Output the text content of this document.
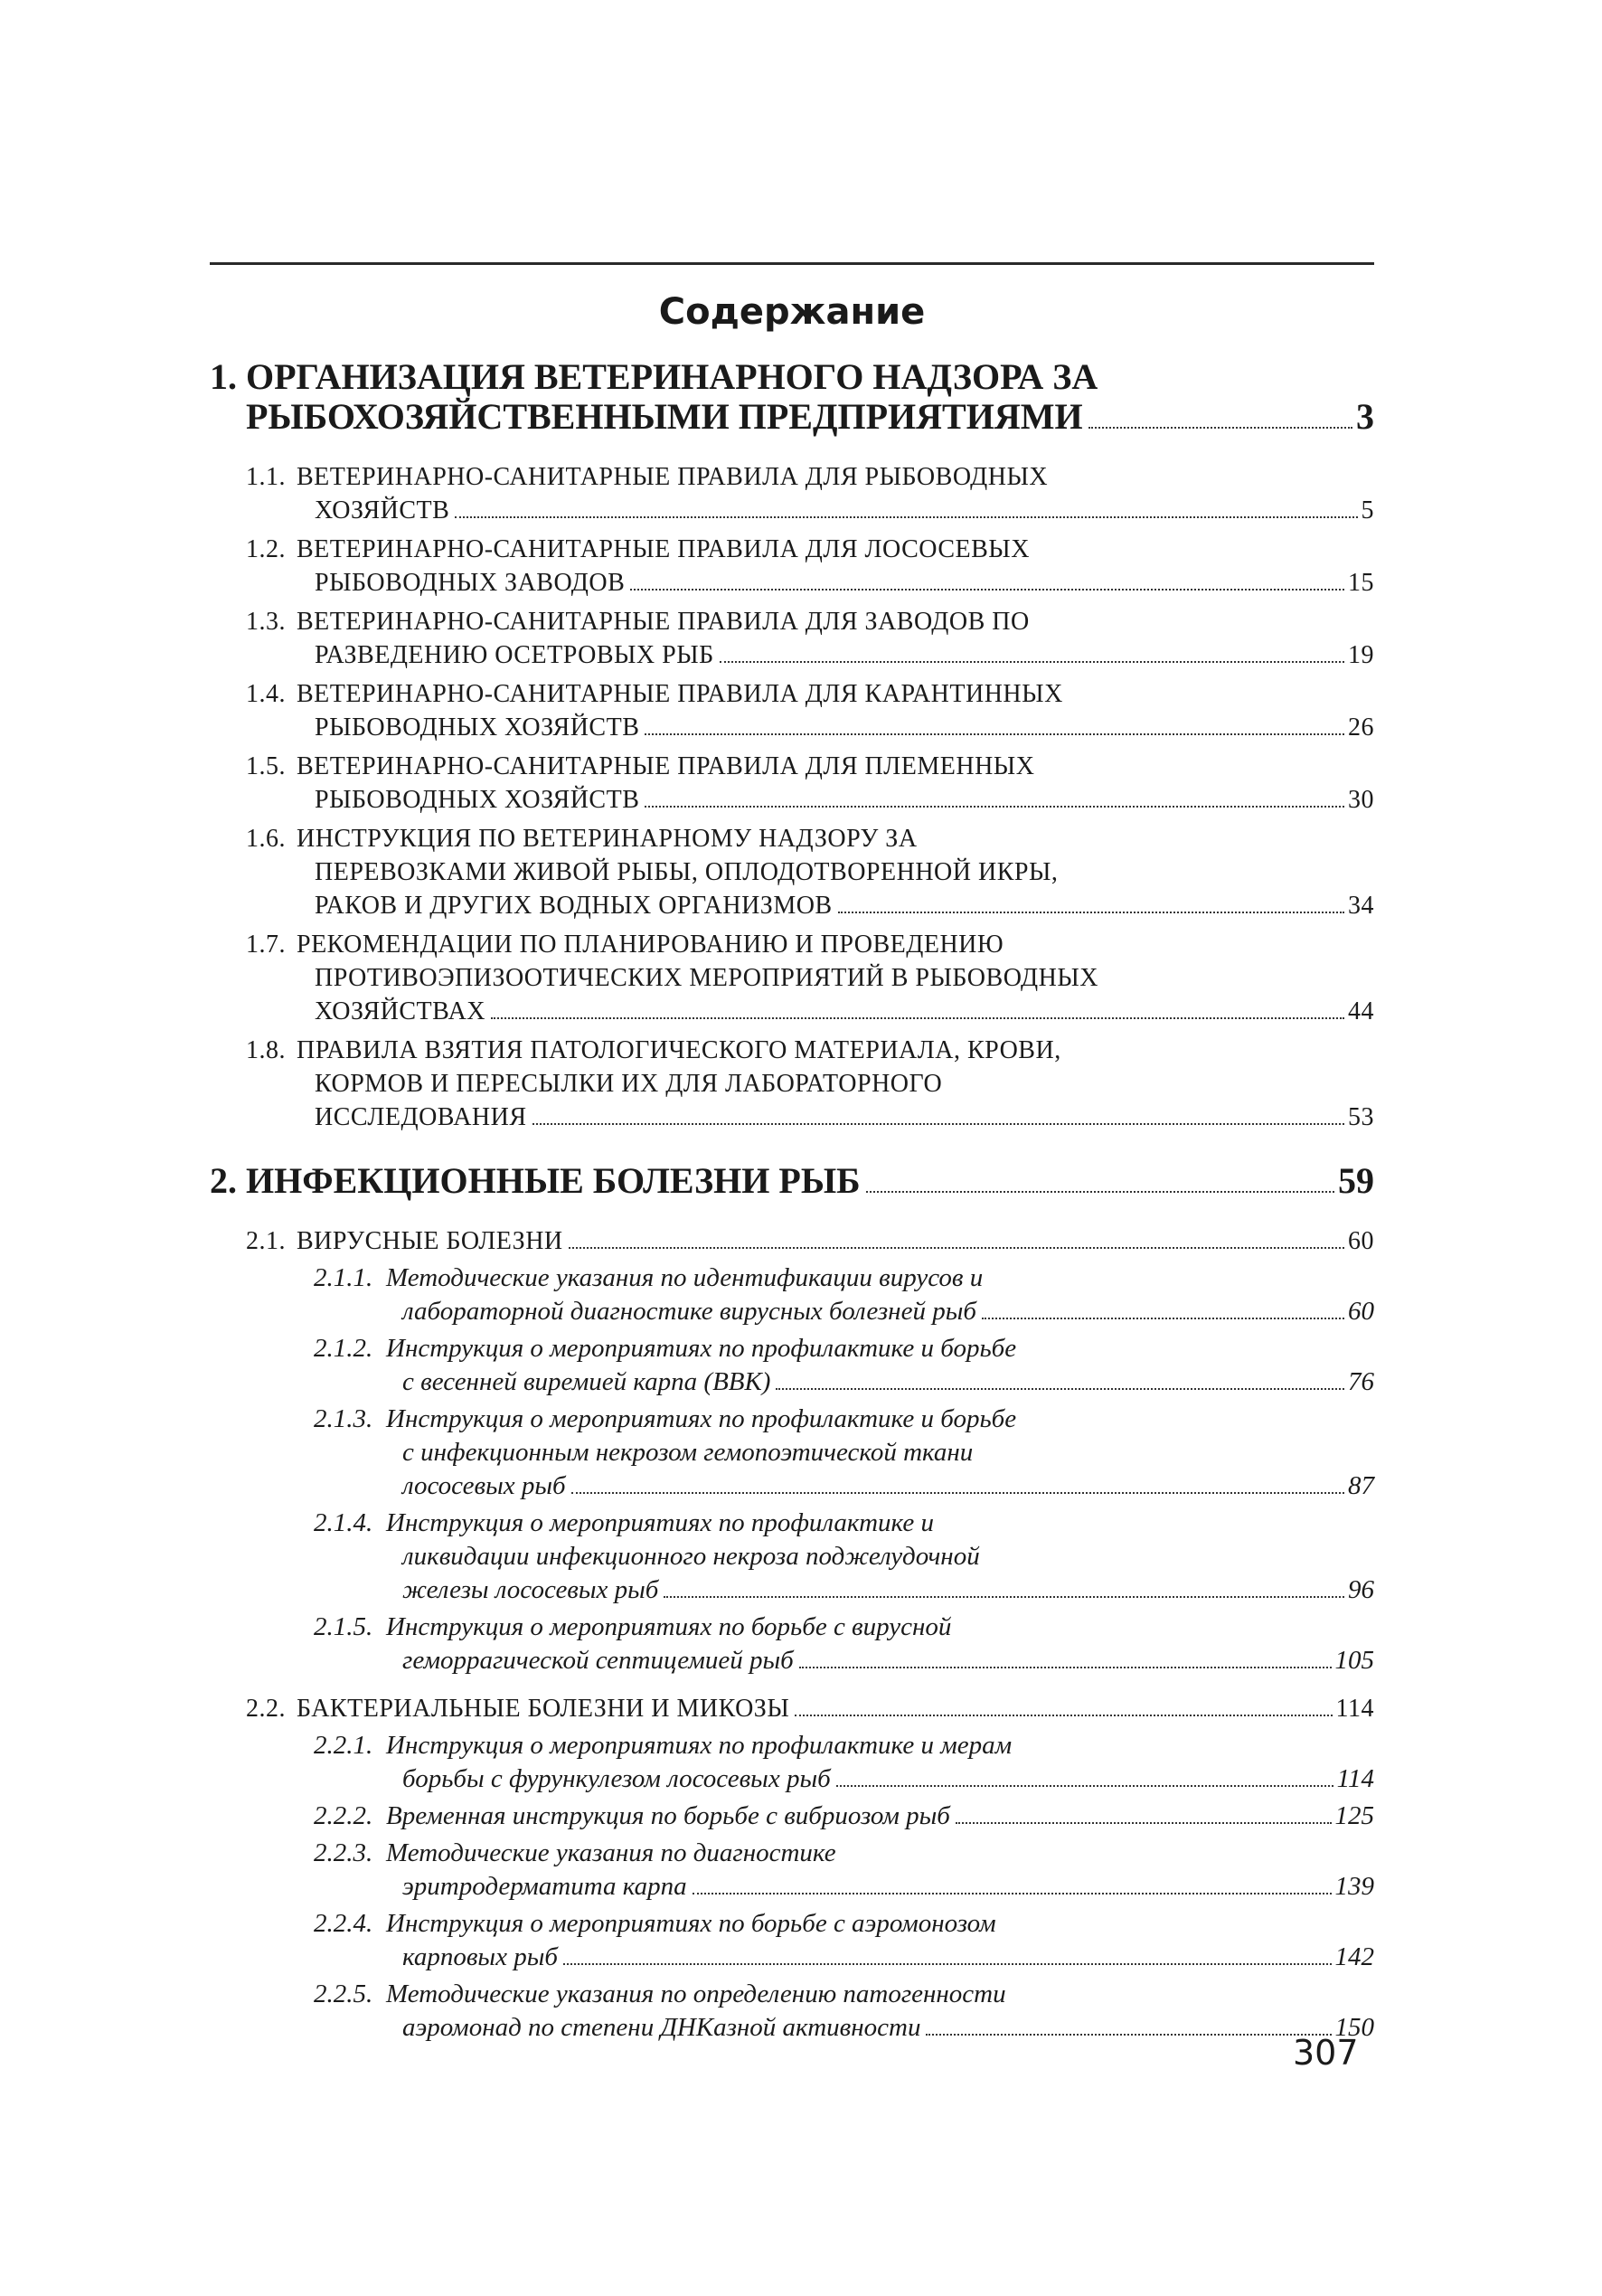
Содержание
1. ОРГАНИЗАЦИЯ ВЕТЕРИНАРНОГО НАДЗОРА ЗА
РЫБОХОЗЯЙСТВЕННЫМИ ПРЕДПРИЯТИЯМИ	3
1.1. ВЕТЕРИНАРНО-САНИТАРНЫЕ ПРАВИЛА ДЛЯ РЫБОВОДНЫХ
ХОЗЯЙСТВ	5
1.2. ВЕТЕРИНАРНО-САНИТАРНЫЕ ПРАВИЛА ДЛЯ ЛОСОСЕВЫХ
РЫБОВОДНЫХ ЗАВОДОВ	15
1.3. ВЕТЕРИНАРНО-САНИТАРНЫЕ ПРАВИЛА ДЛЯ ЗАВОДОВ ПО
РАЗВЕДЕНИЮ ОСЕТРОВЫХ РЫБ	19
1.4. ВЕТЕРИНАРНО-САНИТАРНЫЕ ПРАВИЛА ДЛЯ КАРАНТИННЫХ
РЫБОВОДНЫХ ХОЗЯЙСТВ	26
1.5. ВЕТЕРИНАРНО-САНИТАРНЫЕ ПРАВИЛА ДЛЯ ПЛЕМЕННЫХ
РЫБОВОДНЫХ ХОЗЯЙСТВ	30
1.6. ИНСТРУКЦИЯ ПО ВЕТЕРИНАРНОМУ НАДЗОРУ ЗА
ПЕРЕВОЗКАМИ ЖИВОЙ РЫБЫ, ОПЛОДОТВОРЕННОЙ ИКРЫ,
РАКОВ И ДРУГИХ ВОДНЫХ ОРГАНИЗМОВ	34
1.7. РЕКОМЕНДАЦИИ ПО ПЛАНИРОВАНИЮ И ПРОВЕДЕНИЮ
ПРОТИВОЭПИЗООТИЧЕСКИХ МЕРОПРИЯТИЙ В РЫБОВОДНЫХ
ХОЗЯЙСТВАХ	44
1.8. ПРАВИЛА ВЗЯТИЯ ПАТОЛОГИЧЕСКОГО МАТЕРИАЛА, КРОВИ,
КОРМОВ И ПЕРЕСЫЛКИ ИХ ДЛЯ ЛАБОРАТОРНОГО
ИССЛЕДОВАНИЯ	53
2. ИНФЕКЦИОННЫЕ БОЛЕЗНИ РЫБ	59
2.1. ВИРУСНЫЕ БОЛЕЗНИ	60
2.1.1. Методические указания по идентификации вирусов и
лабораторной диагностике вирусных болезней рыб	60
2.1.2. Инструкция о мероприятиях по профилактике и борьбе
с весенней виремией карпа (ВВК)	76
2.1.3. Инструкция о мероприятиях по профилактике и борьбе
с инфекционным некрозом гемопоэтической ткани
лососевых рыб	87
2.1.4. Инструкция о мероприятиях по профилактике и
ликвидации инфекционного некроза поджелудочной
железы лососевых рыб	96
2.1.5. Инструкция о мероприятиях по борьбе с вирусной
геморрагической септицемией рыб	105
2.2. БАКТЕРИАЛЬНЫЕ БОЛЕЗНИ И МИКОЗЫ	114
2.2.1. Инструкция о мероприятиях по профилактике и мерам
борьбы с фурункулезом лососевых рыб	114
2.2.2. Временная инструкция по борьбе с вибриозом рыб	125
2.2.3. Методические указания по диагностике
эритродерматита карпа	139
2.2.4. Инструкция о мероприятиях по борьбе с аэромонозом
карповых рыб	142
2.2.5. Методические указания по определению патогенности
аэромонад по степени ДНКазной активности	150
307
